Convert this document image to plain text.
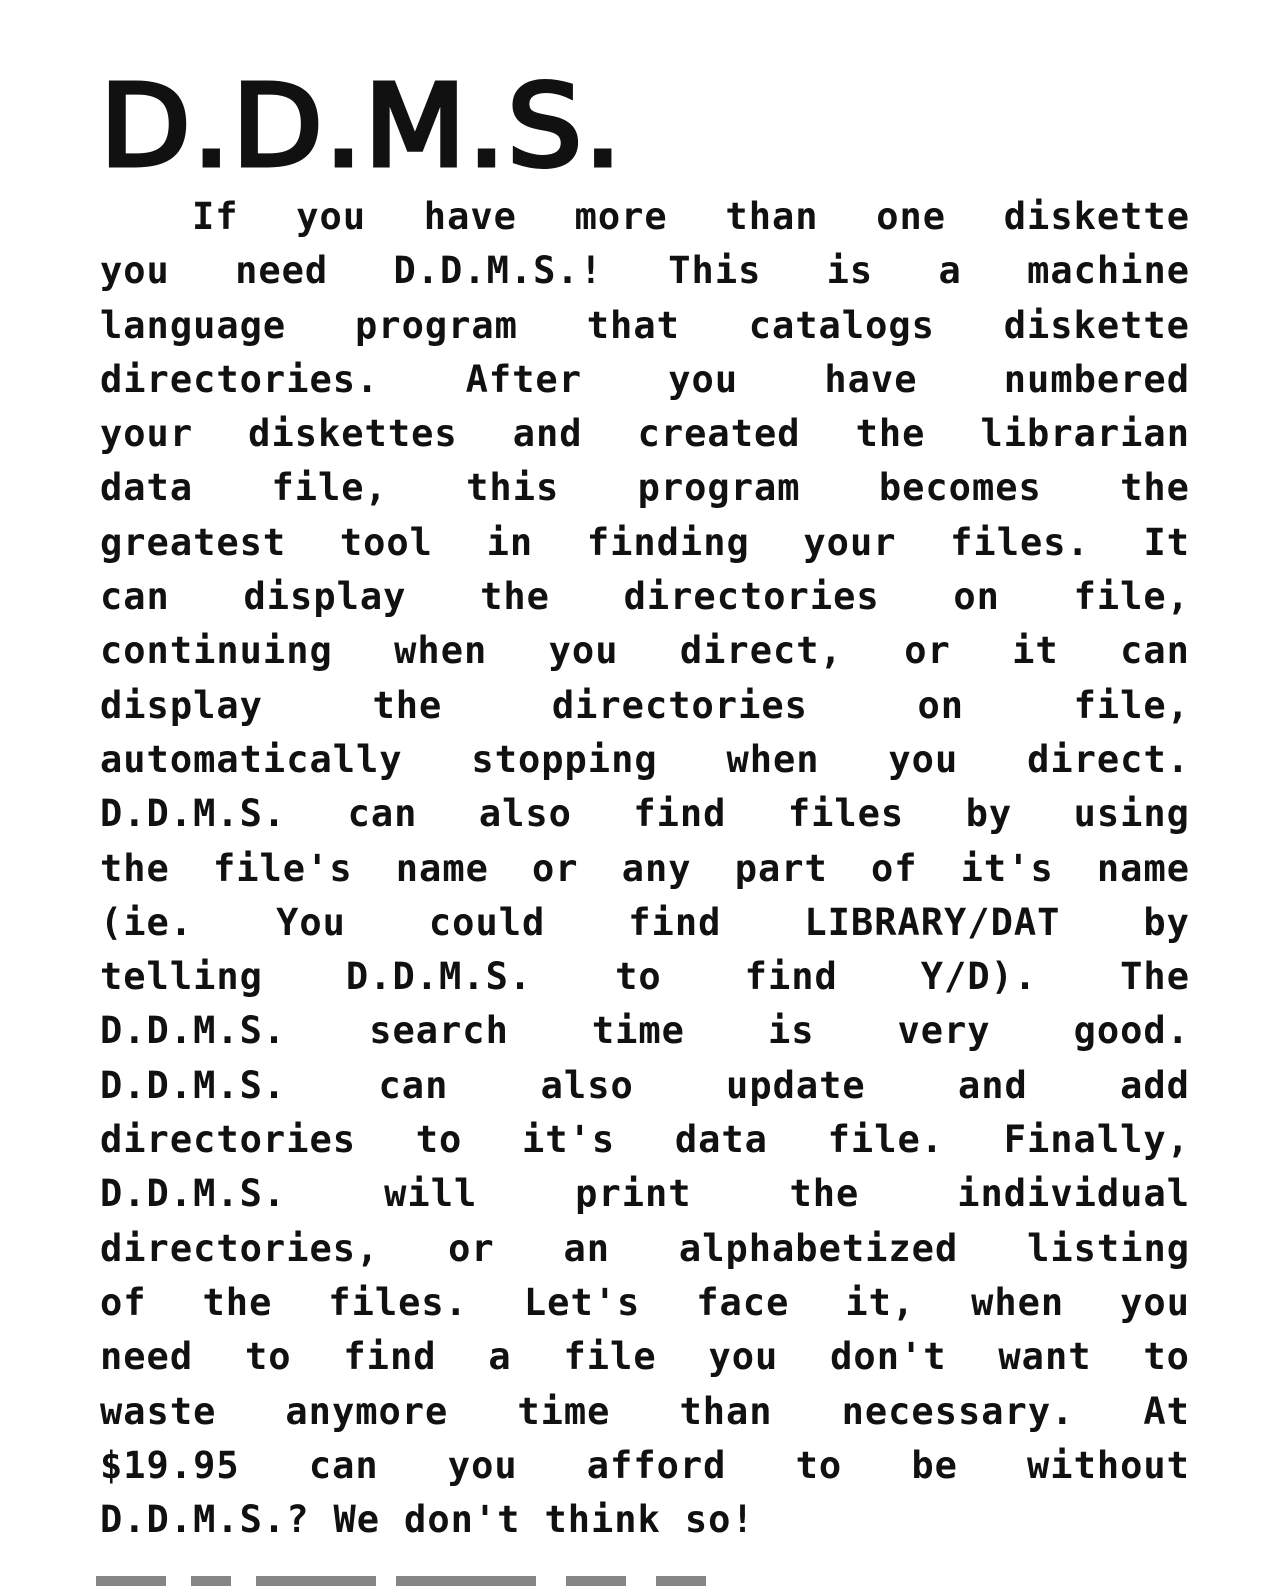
D.D.M.S.
If you have more than one diskette
you need D.D.M.S.! This is a machine
language program that catalogs diskette
directories. After you have numbered
your diskettes and created the librarian
data file, this program becomes the
greatest tool in finding your files. It
can display the directories on file,
continuing when you direct, or it can
display	the	directories	on	file,
automatically stopping when you direct.
D.D.M.S. can also find files by using
the file's name or any part of it's name
(ie. You could find LIBRARY/DAT by
telling D.D.M.S. to find Y/D). The
D.D.M.S. search time is very good.
D.D.M.S. can also update and add
directories to it's data file. Finally,
D.D.M.S.	will	print	the	individual
directories, or an alphabetized listing
of the files. Let's face it, when you
need to find a file you don't want to
waste anymore time than necessary. At
$19.95 can you afford to be without
D.D.M.S.? We don't think so!
